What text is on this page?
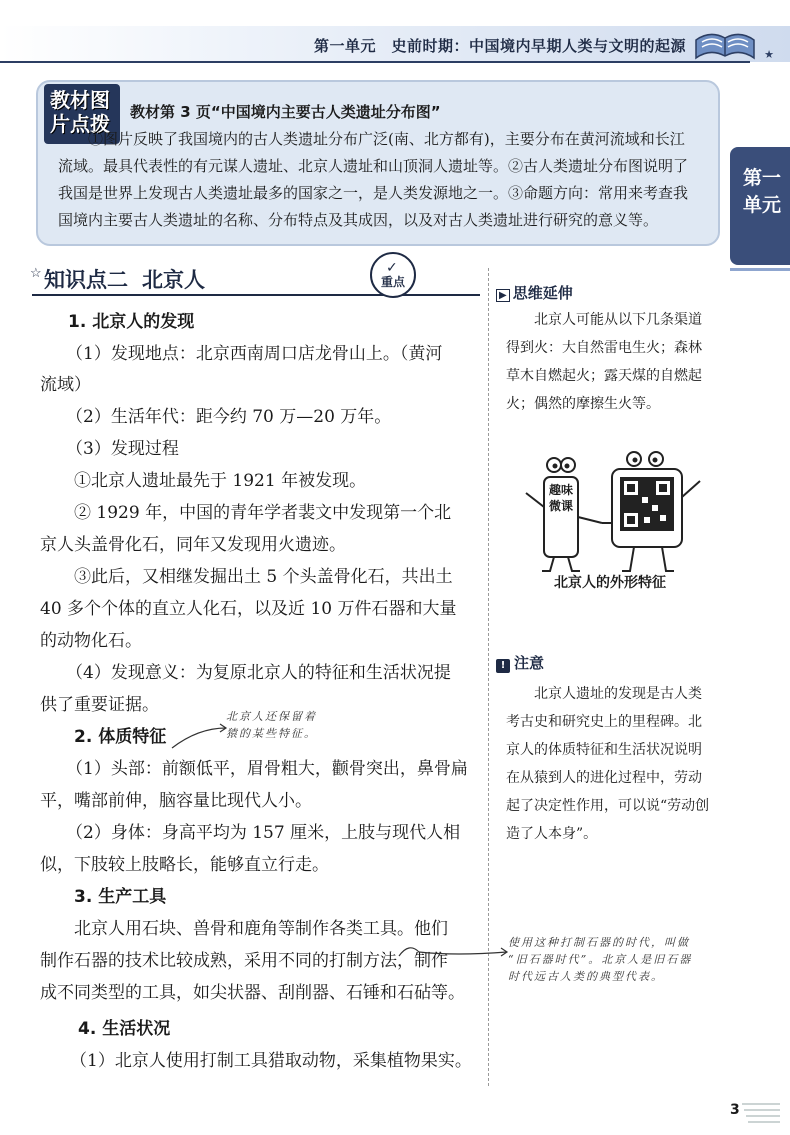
第一单元　史前时期：中国境内早期人类与文明的起源	★
第一单元
教材图片点拨	教材第 3 页“中国境内主要古人类遗址分布图”
①图片反映了我国境内的古人类遗址分布广泛(南、北方都有)，主要分布在黄河流域和长江流域。最具代表性的有元谋人遗址、北京人遗址和山顶洞人遗址等。②古人类遗址分布图说明了我国是世界上发现古人类遗址最多的国家之一，是人类发源地之一。③命题方向：常用来考查我国境内主要古人类遗址的名称、分布特点及其成因，以及对古人类遗址进行研究的意义等。
☆ 知识点二 北京人	✓
重点
1. 北京人的发现
（1）发现地点：北京西南周口店龙骨山上。（黄河
流域）
（2）生活年代：距今约 70 万—20 万年。
（3）发现过程
①北京人遗址最先于 1921 年被发现。
② 1929 年，中国的青年学者裴文中发现第一个北
京人头盖骨化石，同年又发现用火遗迹。
③此后，又相继发掘出土 5 个头盖骨化石，共出土
40 多个个体的直立人化石，以及近 10 万件石器和大量
的动物化石。
（4）发现意义：为复原北京人的特征和生活状况提
供了重要证据。
2. 体质特征
（1）头部：前额低平，眉骨粗大，颧骨突出，鼻骨扁
平，嘴部前伸，脑容量比现代人小。
（2）身体：身高平均为 157 厘米，上肢与现代人相
似，下肢较上肢略长，能够直立行走。
3. 生产工具
北京人用石块、兽骨和鹿角等制作各类工具。他们
制作石器的技术比较成熟，采用不同的打制方法，制作
成不同类型的工具，如尖状器、刮削器、石锤和石砧等。
4. 生活状况
（1）北京人使用打制工具猎取动物，采集植物果实。
北京人还保留着
猿的某些特征。
使用这种打制石器的时代，叫做
“旧石器时代”。北京人是旧石器
时代远古人类的典型代表。
▶ 思维延伸
北京人可能从以下几条渠道得到火：大自然雷电生火；森林草木自燃起火；露天煤的自燃起火；偶然的摩擦生火等。
趣味微课
北京人的外形特征
! 注意
北京人遗址的发现是古人类考古史和研究史上的里程碑。北京人的体质特征和生活状况说明在从猿到人的进化过程中，劳动起了决定性作用，可以说“劳动创造了人本身”。
3
